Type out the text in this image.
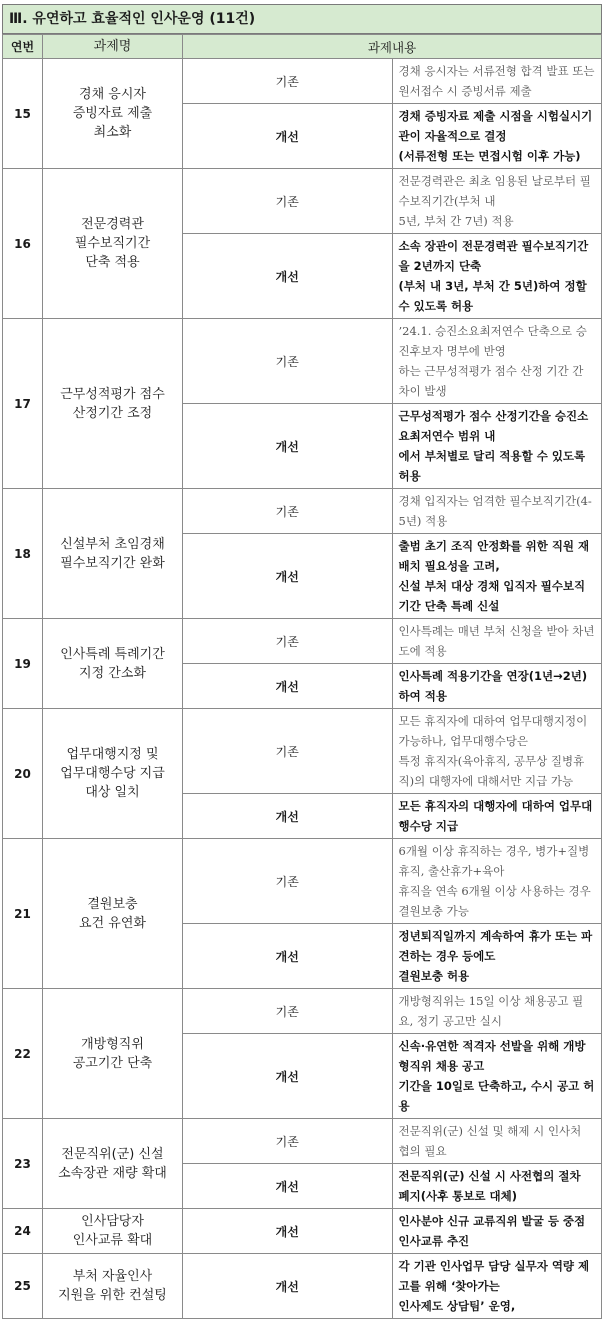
Ⅲ. 유연하고 효율적인 인사운영 (11건)
연번	과제명	과제내용	
15	경채 응시자
증빙자료 제출
최소화	기존	경채 응시자는 서류전형 합격 발표 또는 원서접수 시 증빙서류 제출
		개선	경채 증빙자료 제출 시점을 시험실시기관이 자율적으로 결정
(서류전형 또는 면접시험 이후 가능)
16	전문경력관
필수보직기간
단축 적용	기존	전문경력관은 최초 임용된 날로부터 필수보직기간(부처 내
5년, 부처 간 7년) 적용
		개선	소속 장관이 전문경력관 필수보직기간을 2년까지 단축
(부처 내 3년, 부처 간 5년)하여 정할 수 있도록 허용
17	근무성적평가 점수
산정기간 조정	기존	’24.1. 승진소요최저연수 단축으로 승진후보자 명부에 반영
하는 근무성적평가 점수 산정 기간 간 차이 발생
		개선	근무성적평가 점수 산정기간을 승진소요최저연수 범위 내
에서 부처별로 달리 적용할 수 있도록 허용
18	신설부처 초임경채
필수보직기간 완화	기존	경채 입직자는 엄격한 필수보직기간(4-5년) 적용
		개선	출범 초기 조직 안정화를 위한 직원 재배치 필요성을 고려,
신설 부처 대상 경채 입직자 필수보직기간 단축 특례 신설
19	인사특례 특례기간
지정 간소화	기존	인사특례는 매년 부처 신청을 받아 차년도에 적용
		개선	인사특례 적용기간을 연장(1년→2년)하여 적용
20	업무대행지정 및
업무대행수당 지급
대상 일치	기존	모든 휴직자에 대하여 업무대행지정이 가능하나, 업무대행수당은
특정 휴직자(육아휴직, 공무상 질병휴직)의 대행자에 대해서만 지급 가능
		개선	모든 휴직자의 대행자에 대하여 업무대행수당 지급
21	결원보충
요건 유연화	기존	6개월 이상 휴직하는 경우, 병가+질병휴직, 출산휴가+육아
휴직을 연속 6개월 이상 사용하는 경우 결원보충 가능
		개선	정년퇴직일까지 계속하여 휴가 또는 파견하는 경우 등에도
결원보충 허용
22	개방형직위
공고기간 단축	기존	개방형직위는 15일 이상 채용공고 필요, 정기 공고만 실시
		개선	신속·유연한 적격자 선발을 위해 개방형직위 채용 공고
기간을 10일로 단축하고, 수시 공고 허용
23	전문직위(군) 신설
소속장관 재량 확대	기존	전문직위(군) 신설 및 해제 시 인사처 협의 필요
		개선	전문직위(군) 신설 시 사전협의 절차 폐지(사후 통보로 대체)
24	인사담당자
인사교류 확대	개선	인사분야 신규 교류직위 발굴 등 중점 인사교류 추진
25	부처 자율인사
지원을 위한 컨설팅	개선	각 기관 인사업무 담당 실무자 역량 제고를 위해 ‘찾아가는
인사제도 상담팀’ 운영,
